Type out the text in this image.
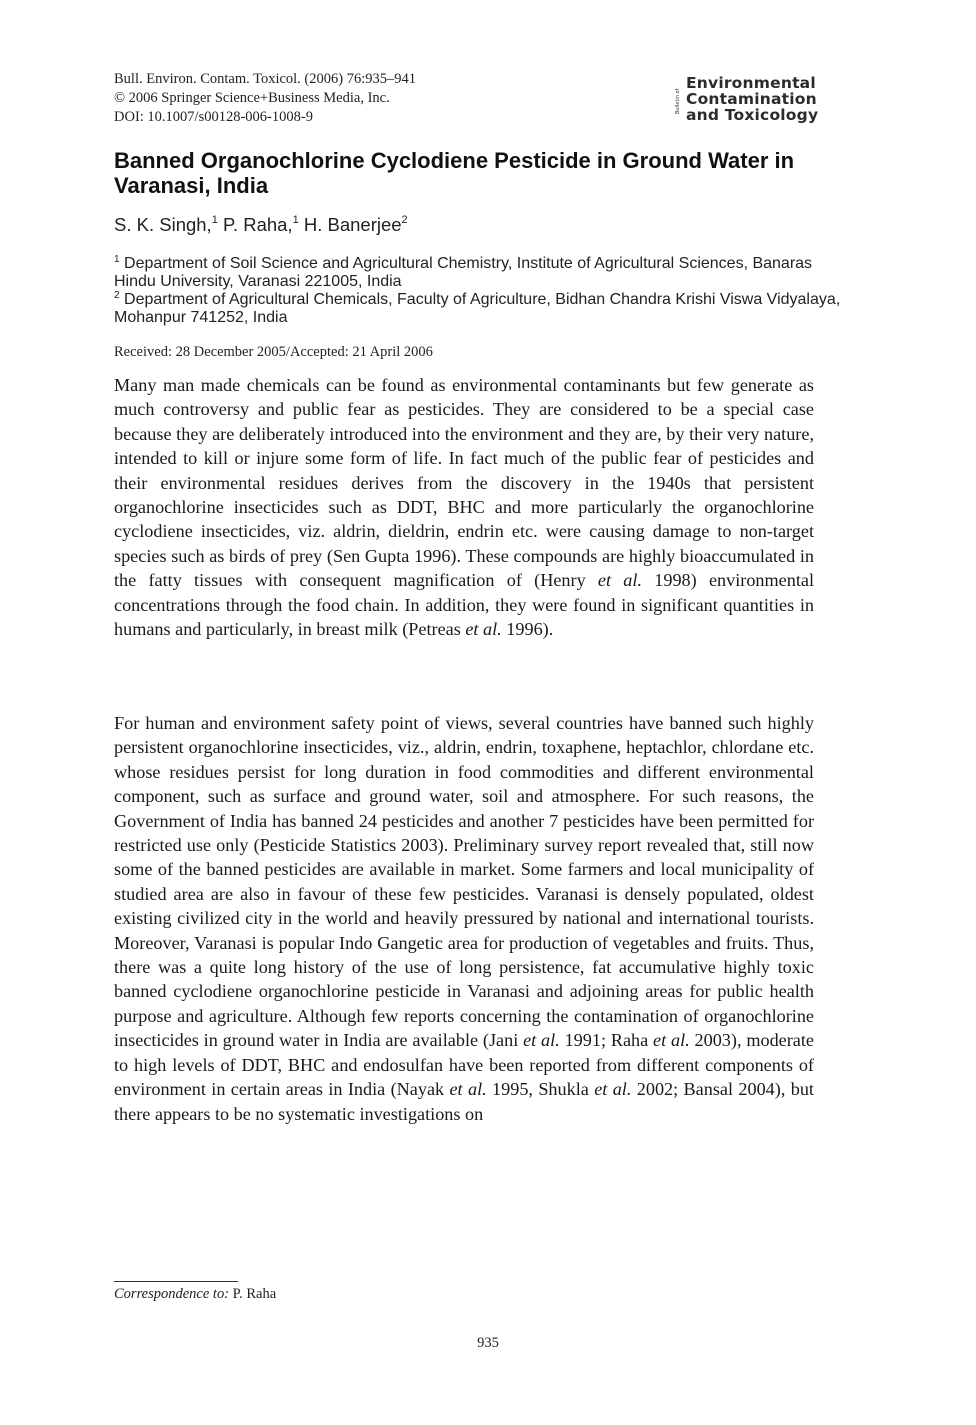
Bull. Environ. Contam. Toxicol. (2006) 76:935–941
© 2006 Springer Science+Business Media, Inc.
DOI: 10.1007/s00128-006-1008-9
Bulletin of
Environmental
Contamination
and Toxicology
Banned Organochlorine Cyclodiene Pesticide in Ground Water in Varanasi, India
S. K. Singh,$^1$ P. Raha,$^1$ H. Banerjee$^2$

$^1$ Department of Soil Science and Agricultural Chemistry, Institute of Agricultural Sciences, Banaras Hindu University, Varanasi 221005, India

$^2$ Department of Agricultural Chemicals, Faculty of Agriculture, Bidhan Chandra Krishi Viswa Vidyalaya, Mohanpur 741252, India

Received: 28 December 2005/Accepted: 21 April 2006

Many man made chemicals can be found as environmental contaminants but few generate as much controversy and public fear as pesticides. They are considered to be a special case because they are deliberately introduced into the environment and they are, by their very nature, intended to kill or injure some form of life. In fact much of the public fear of pesticides and their environmental residues derives from the discovery in the 1940s that persistent organochlorine insecticides such as DDT, BHC and more particularly the organochlorine cyclodiene insecticides, viz. aldrin, dieldrin, endrin etc. were causing damage to non-target species such as birds of prey (Sen Gupta 1996). These compounds are highly bioaccumulated in the fatty tissues with consequent magnification of (Henry et al. 1998) environmental concentrations through the food chain. In addition, they were found in significant quantities in humans and particularly, in breast milk (Petreas et al. 1996).

For human and environment safety point of views, several countries have banned such highly persistent organochlorine insecticides, viz., aldrin, endrin, toxaphene, heptachlor, chlordane etc. whose residues persist for long duration in food commodities and different environmental component, such as surface and ground water, soil and atmosphere. For such reasons, the Government of India has banned 24 pesticides and another 7 pesticides have been permitted for restricted use only (Pesticide Statistics 2003). Preliminary survey report revealed that, still now some of the banned pesticides are available in market. Some farmers and local municipality of studied area are also in favour of these few pesticides. Varanasi is densely populated, oldest existing civilized city in the world and heavily pressured by national and international tourists. Moreover, Varanasi is popular Indo Gangetic area for production of vegetables and fruits. Thus, there was a quite long history of the use of long persistence, fat accumulative highly toxic banned cyclodiene organochlorine pesticide in Varanasi and adjoining areas for public health purpose and agriculture. Although few reports concerning the contamination of organochlorine insecticides in ground water in India are available (Jani et al. 1991; Raha et al. 2003), moderate to high levels of DDT, BHC and endosulfan have been reported from different components of environment in certain areas in India (Nayak et al. 1995, Shukla et al. 2002; Bansal 2004), but there appears to be no systematic investigations on

Correspondence to: P. Raha
935
